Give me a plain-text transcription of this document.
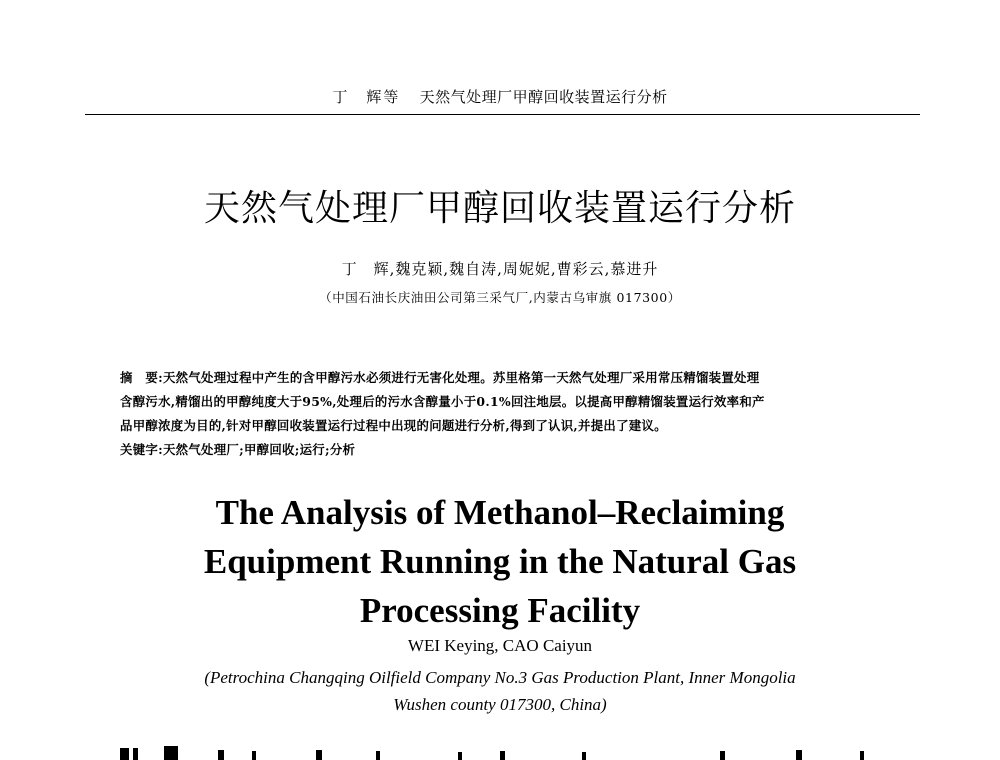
丁　辉等 天然气处理厂甲醇回收装置运行分析
天然气处理厂甲醇回收装置运行分析
丁　辉,魏克颖,魏自涛,周妮妮,曹彩云,慕进升
（中国石油长庆油田公司第三采气厂,内蒙古乌审旗 017300）

摘　要:天然气处理过程中产生的含甲醇污水必须进行无害化处理。苏里格第一天然气处理厂采用常压精馏装置处理

含醇污水,精馏出的甲醇纯度大于95%,处理后的污水含醇量小于0.1%回注地层。以提高甲醇精馏装置运行效率和产

品甲醇浓度为目的,针对甲醇回收装置运行过程中出现的问题进行分析,得到了认识,并提出了建议。

关键字:天然气处理厂;甲醇回收;运行;分析

The Analysis of Methanol–Reclaiming
Equipment Running in the Natural Gas
Processing Facility
WEI Keying, CAO Caiyun
(Petrochina Changqing Oilfield Company No.3 Gas Production Plant, Inner Mongolia
Wushen county 017300, China)
